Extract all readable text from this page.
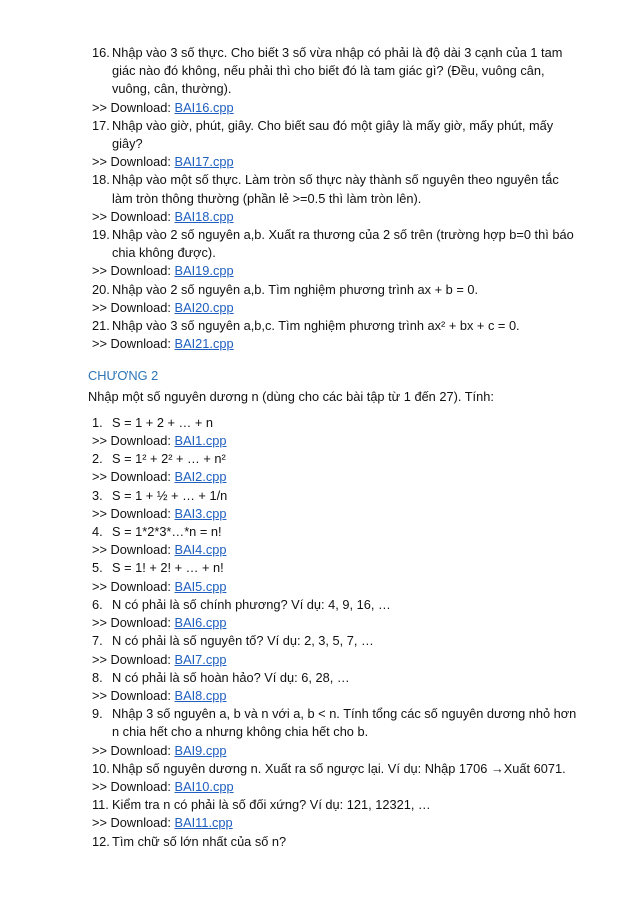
16. Nhập vào 3 số thực. Cho biết 3 số vừa nhập có phải là độ dài 3 cạnh của 1 tam giác nào đó không, nếu phải thì cho biết đó là tam giác gì? (Đều, vuông cân, vuông, cân, thường).
>> Download: BAI16.cpp
17. Nhập vào giờ, phút, giây. Cho biết sau đó một giây là mấy giờ, mấy phút, mấy giây?
>> Download: BAI17.cpp
18. Nhập vào một số thực. Làm tròn số thực này thành số nguyên theo nguyên tắc làm tròn thông thường (phần lẻ >=0.5 thì làm tròn lên).
>> Download: BAI18.cpp
19. Nhập vào 2 số nguyên a,b. Xuất ra thương của 2 số trên (trường hợp b=0 thì báo chia không được).
>> Download: BAI19.cpp
20. Nhập vào 2 số nguyên a,b. Tìm nghiệm phương trình ax + b = 0.
>> Download: BAI20.cpp
21. Nhập vào 3 số nguyên a,b,c. Tìm nghiệm phương trình ax² + bx + c = 0.
>> Download: BAI21.cpp
CHƯƠNG 2
Nhập một số nguyên dương n (dùng cho các bài tập từ 1 đến 27). Tính:
1. S = 1 + 2 + … + n
>> Download: BAI1.cpp
2. S = 1² + 2² + … + n²
>> Download: BAI2.cpp
3. S = 1 + ½ + … + 1/n
>> Download: BAI3.cpp
4. S = 1*2*3*…*n = n!
>> Download: BAI4.cpp
5. S = 1! + 2! + … + n!
>> Download: BAI5.cpp
6. N có phải là số chính phương? Ví dụ: 4, 9, 16, …
>> Download: BAI6.cpp
7. N có phải là số nguyên tố? Ví dụ: 2, 3, 5, 7, …
>> Download: BAI7.cpp
8. N có phải là số hoàn hảo? Ví dụ: 6, 28, …
>> Download: BAI8.cpp
9. Nhập 3 số nguyên a, b và n với a, b < n. Tính tổng các số nguyên dương nhỏ hơn n chia hết cho a nhưng không chia hết cho b.
>> Download: BAI9.cpp
10. Nhập số nguyên dương n. Xuất ra số ngược lại. Ví dụ: Nhập 1706 →Xuất 6071.
>> Download: BAI10.cpp
11. Kiểm tra n có phải là số đối xứng? Ví dụ: 121, 12321, …
>> Download: BAI11.cpp
12. Tìm chữ số lớn nhất của số n?
